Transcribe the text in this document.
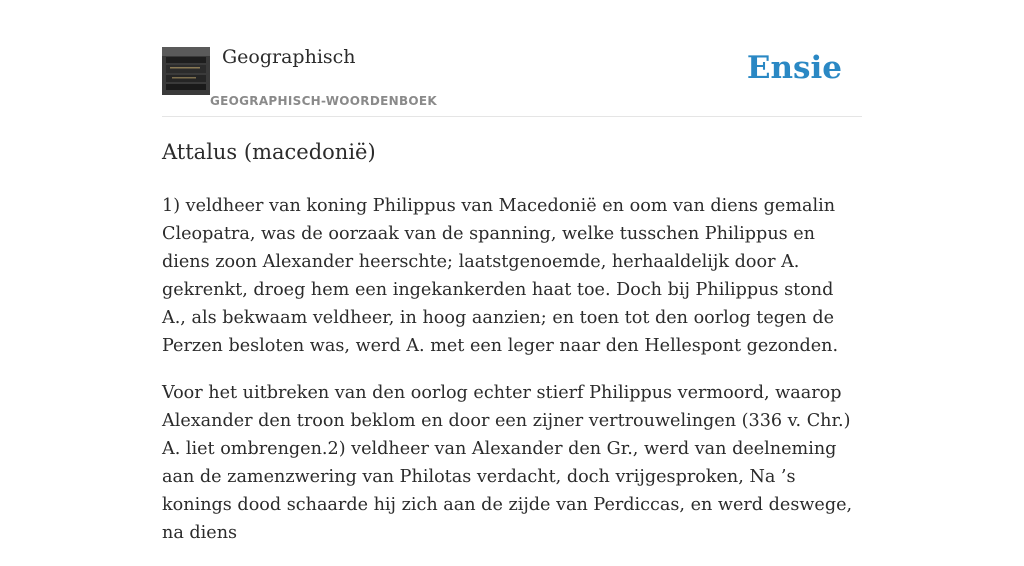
Geographisch
GEOGRAPHISCH-WOORDENBOEK
Ensie
Attalus (macedonië)

1) veldheer van koning Philippus van Macedonië en oom van diens gemalin Cleopatra, was de oorzaak van de spanning, welke tusschen Philippus en diens zoon Alexander heerschte; laatstgenoemde, herhaaldelijk door A. gekrenkt, droeg hem een ingekankerden haat toe. Doch bij Philippus stond A., als bekwaam veldheer, in hoog aanzien; en toen tot den oorlog tegen de Perzen besloten was, werd A. met een leger naar den Hellespont gezonden.

Voor het uitbreken van den oorlog echter stierf Philippus vermoord, waarop Alexander den troon beklom en door een zijner vertrouwelingen (336 v. Chr.) A. liet ombrengen.2) veldheer van Alexander den Gr., werd van deelneming aan de zamenzwering van Philotas verdacht, doch vrijgesproken, Na ’s konings dood schaarde hij zich aan de zijde van Perdiccas, en werd deswege, na diens
